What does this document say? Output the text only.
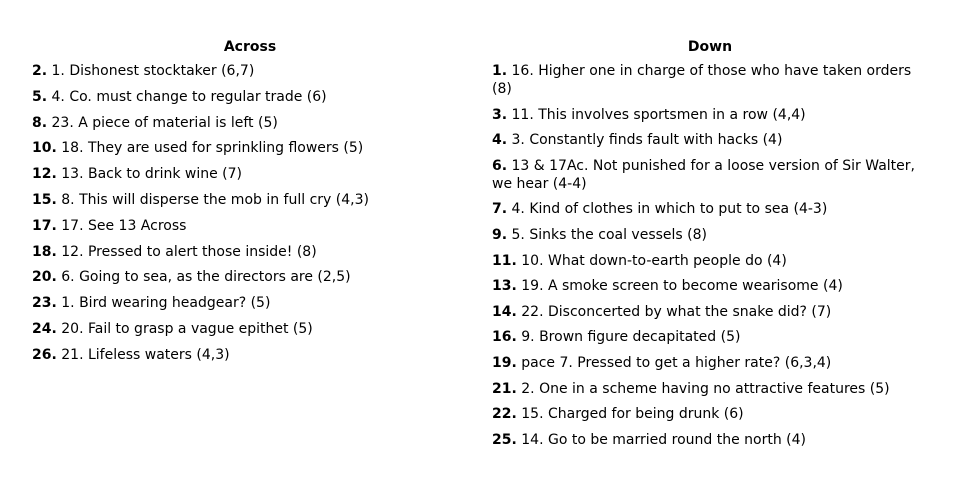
Across
2. 1. Dishonest stocktaker (6,7)
5. 4. Co. must change to regular trade (6)
8. 23. A piece of material is left (5)
10. 18. They are used for sprinkling flowers (5)
12. 13. Back to drink wine (7)
15. 8. This will disperse the mob in full cry (4,3)
17. 17. See 13 Across
18. 12. Pressed to alert those inside! (8)
20. 6. Going to sea, as the directors are (2,5)
23. 1. Bird wearing headgear? (5)
24. 20. Fail to grasp a vague epithet (5)
26. 21. Lifeless waters (4,3)
Down
1. 16. Higher one in charge of those who have taken orders (8)
3. 11. This involves sportsmen in a row (4,4)
4. 3. Constantly finds fault with hacks (4)
6. 13 & 17Ac. Not punished for a loose version of Sir Walter, we hear (4-4)
7. 4. Kind of clothes in which to put to sea (4-3)
9. 5. Sinks the coal vessels (8)
11. 10. What down-to-earth people do (4)
13. 19. A smoke screen to become wearisome (4)
14. 22. Disconcerted by what the snake did? (7)
16. 9. Brown figure decapitated (5)
19. pace 7. Pressed to get a higher rate? (6,3,4)
21. 2. One in a scheme having no attractive features (5)
22. 15. Charged for being drunk (6)
25. 14. Go to be married round the north (4)
